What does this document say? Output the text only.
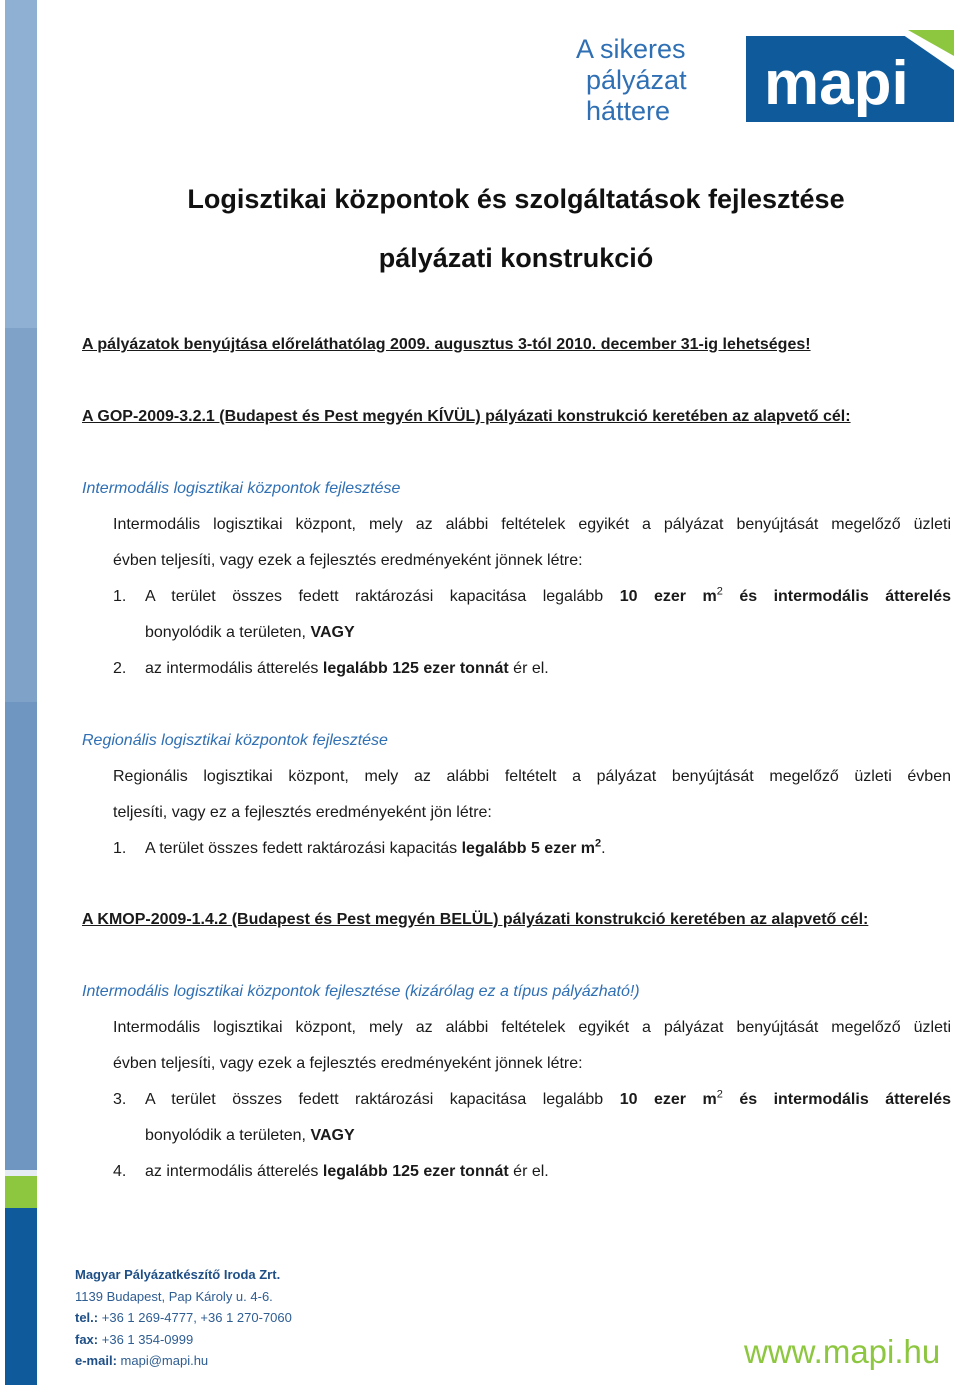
A sikeres
pályázat
háttere mapi
Logisztikai központok és szolgáltatások fejlesztése
pályázati konstrukció
A pályázatok benyújtása előreláthatólag 2009. augusztus 3-tól 2010. december 31-ig lehetséges!
A GOP-2009-3.2.1 (Budapest és Pest megyén KÍVÜL) pályázati konstrukció keretében az alapvető cél:
Intermodális logisztikai központok fejlesztése
Intermodális logisztikai központ, mely az alábbi feltételek egyikét a pályázat benyújtását megelőző üzleti
évben teljesíti, vagy ezek a fejlesztés eredményeként jönnek létre:
1. A terület összes fedett raktározási kapacitása legalább 10 ezer $m^2$ és intermodális átterelés
bonyolódik a területen, VAGY
2. az intermodális átterelés legalább 125 ezer tonnát ér el.
Regionális logisztikai központok fejlesztése
Regionális logisztikai központ, mely az alábbi feltételt a pályázat benyújtását megelőző üzleti évben
teljesíti, vagy ez a fejlesztés eredményeként jön létre:
1. A terület összes fedett raktározási kapacitás legalább 5 ezer $m^2$.
A KMOP-2009-1.4.2 (Budapest és Pest megyén BELÜL) pályázati konstrukció keretében az alapvető cél:
Intermodális logisztikai központok fejlesztése (kizárólag ez a típus pályázható!)
Intermodális logisztikai központ, mely az alábbi feltételek egyikét a pályázat benyújtását megelőző üzleti
évben teljesíti, vagy ezek a fejlesztés eredményeként jönnek létre:
3. A terület összes fedett raktározási kapacitása legalább 10 ezer $m^2$ és intermodális átterelés
bonyolódik a területen, VAGY
4. az intermodális átterelés legalább 125 ezer tonnát ér el.
Magyar Pályázatkészítő Iroda Zrt.
1139 Budapest, Pap Károly u. 4-6.
tel.: +36 1 269-4777, +36 1 270-7060
fax: +36 1 354-0999
e-mail: mapi@mapi.hu	www.mapi.hu
